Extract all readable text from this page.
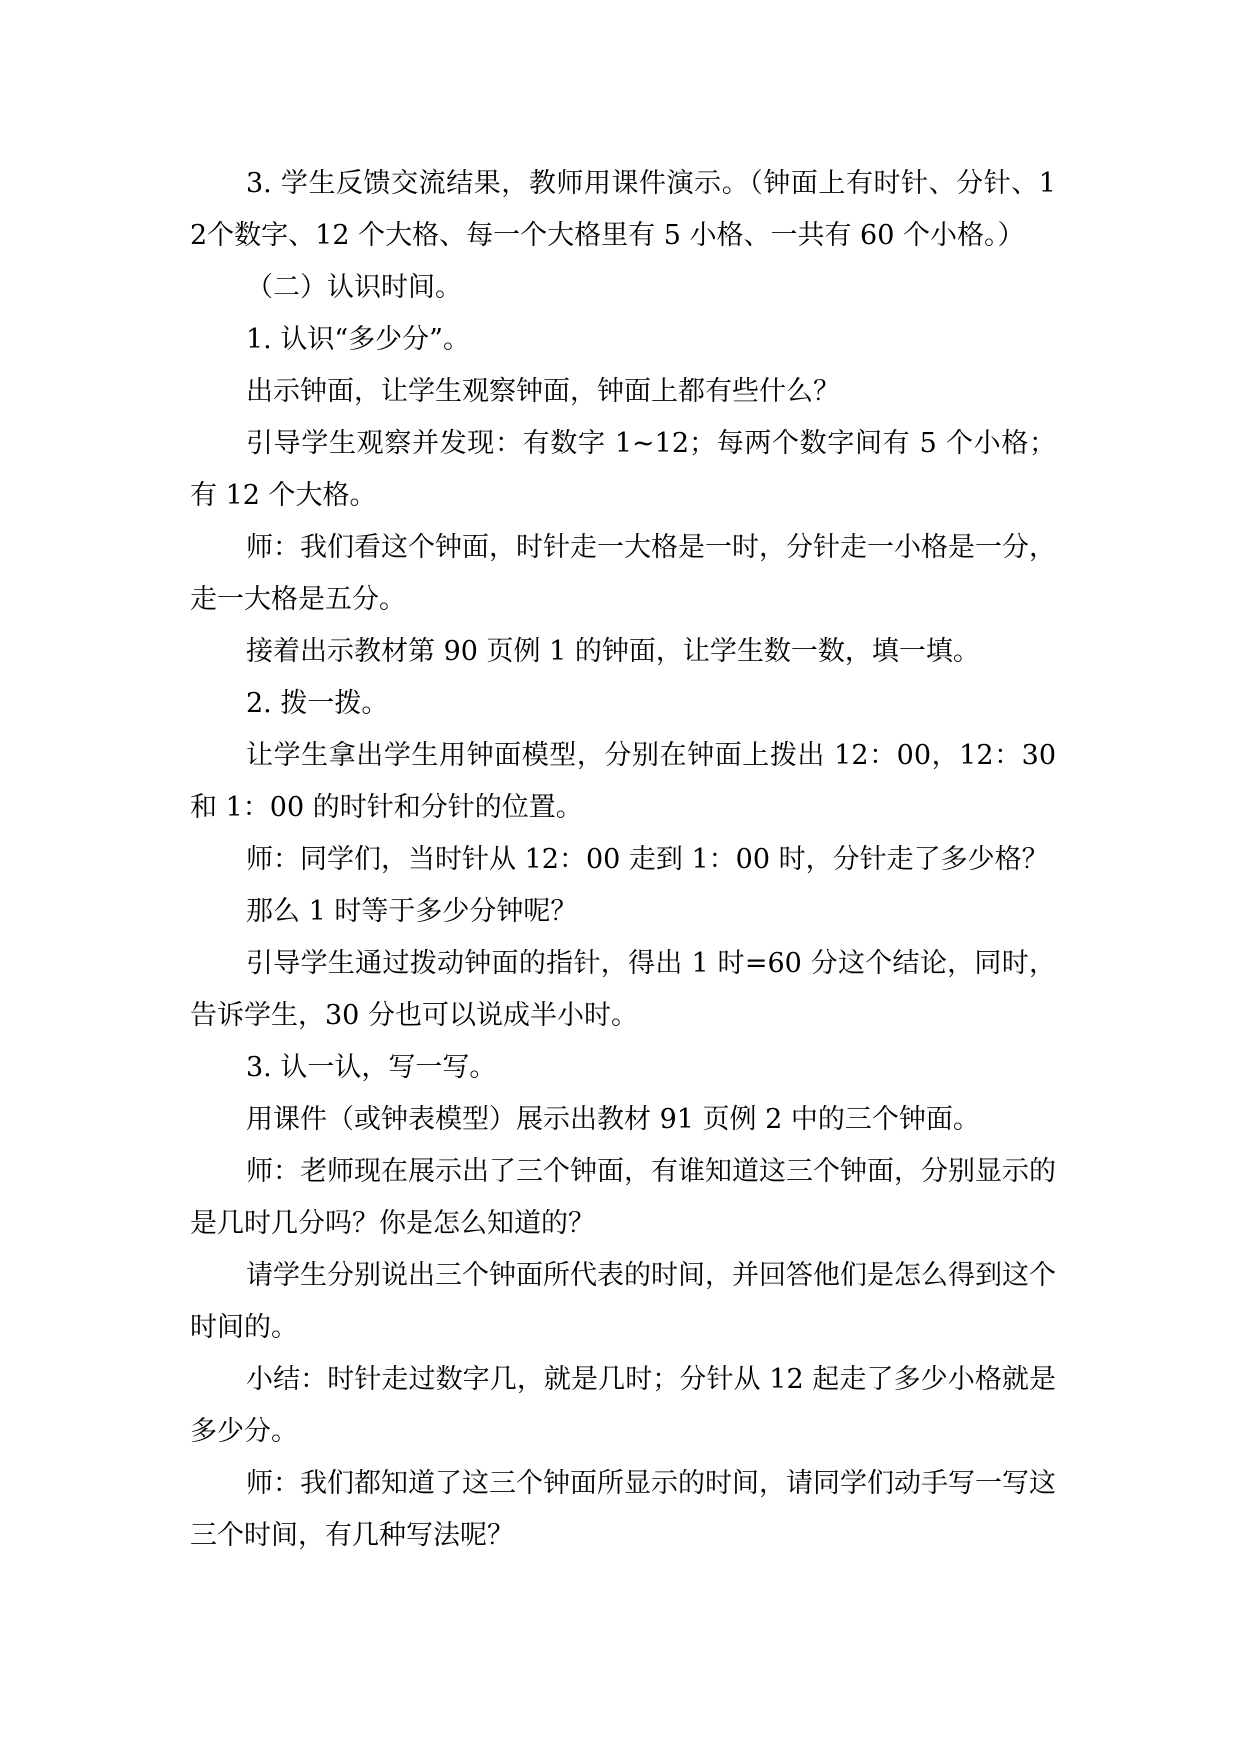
3. 学生反馈交流结果，教师用课件演示。（钟面上有时针、分针、12个数字、12 个大格、每一个大格里有 5 小格、一共有 60 个小格。）

（二）认识时间。

1. 认识“多少分”。

出示钟面，让学生观察钟面，钟面上都有些什么？

引导学生观察并发现：有数字 1~12；每两个数字间有 5 个小格；有 12 个大格。

师：我们看这个钟面，时针走一大格是一时，分针走一小格是一分，走一大格是五分。

接着出示教材第 90 页例 1 的钟面，让学生数一数，填一填。

2. 拨一拨。

让学生拿出学生用钟面模型，分别在钟面上拨出 12：00，12：30 和 1：00 的时针和分针的位置。

师：同学们，当时针从 12：00 走到 1：00 时，分针走了多少格？

那么 1 时等于多少分钟呢？

引导学生通过拨动钟面的指针，得出 1 时=60 分这个结论，同时，告诉学生，30 分也可以说成半小时。

3. 认一认，写一写。

用课件（或钟表模型）展示出教材 91 页例 2 中的三个钟面。

师：老师现在展示出了三个钟面，有谁知道这三个钟面，分别显示的是几时几分吗？你是怎么知道的？

请学生分别说出三个钟面所代表的时间，并回答他们是怎么得到这个时间的。

小结：时针走过数字几，就是几时；分针从 12 起走了多少小格就是多少分。

师：我们都知道了这三个钟面所显示的时间，请同学们动手写一写这三个时间，有几种写法呢？
